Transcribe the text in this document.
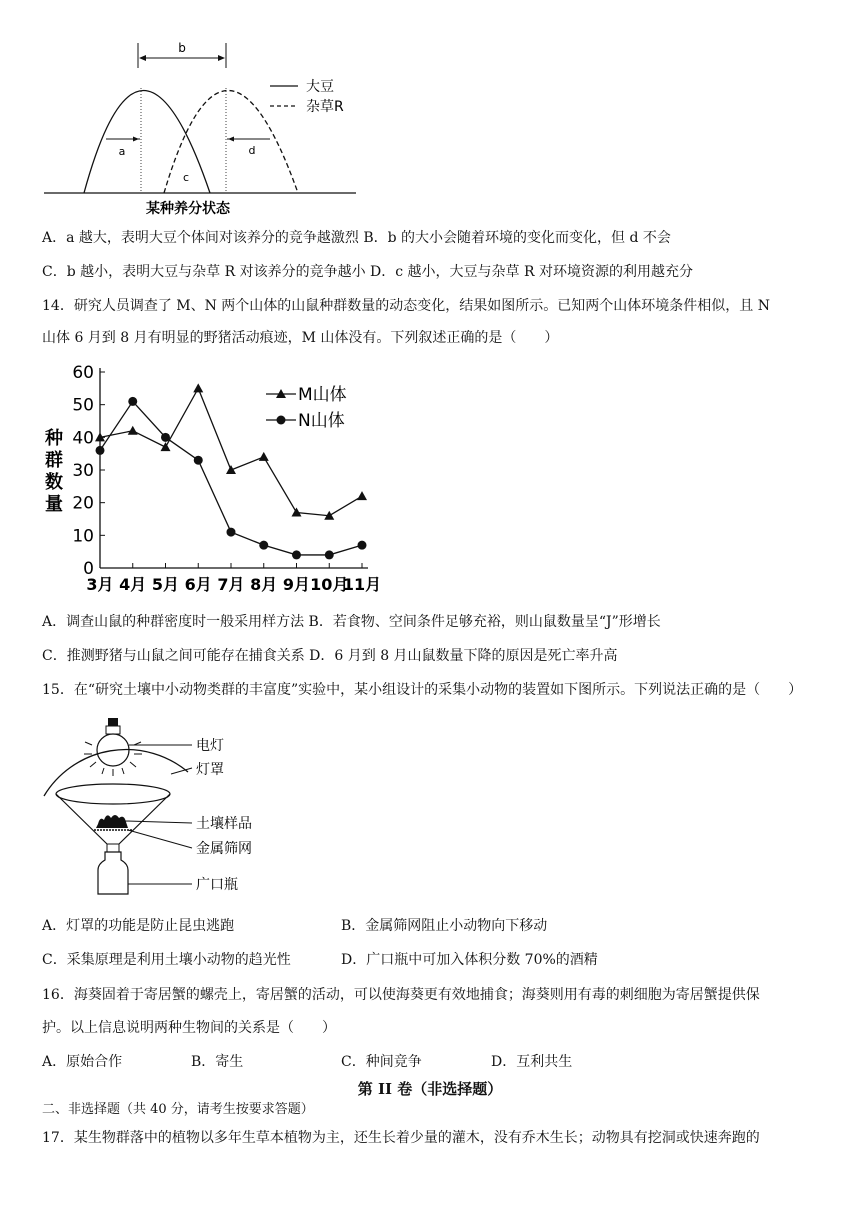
b
a
c
d
大豆
杂草R
某种养分状态
A．a 越大，表明大豆个体间对该养分的竞争越激烈 B．b 的大小会随着环境的变化而变化，但 d 不会
C．b 越小，表明大豆与杂草 R 对该养分的竞争越小 D．c 越小，大豆与杂草 R 对环境资源的利用越充分
14．研究人员调查了 M、N 两个山体的山鼠种群数量的动态变化，结果如图所示。已知两个山体环境条件相似，且 N
山体 6 月到 8 月有明显的野猪活动痕迹，M 山体没有。下列叙述正确的是（　　）
0
10
20
30
40
50
60
3月 4月 5月 6月 7月 8月 9月 10月
11月
种
群
数
量
M山体
N山体
A．调查山鼠的种群密度时一般采用样方法 B．若食物、空间条件足够充裕，则山鼠数量呈“J”形增长
C．推测野猪与山鼠之间可能存在捕食关系 D．6 月到 8 月山鼠数量下降的原因是死亡率升高
15．在“研究土壤中小动物类群的丰富度”实验中，某小组设计的采集小动物的装置如下图所示。下列说法正确的是（　　）
电灯
灯罩
土壤样品
金属筛网
广口瓶
A．灯罩的功能是防止昆虫逃跑	B．金属筛网阻止小动物向下移动
C．采集原理是利用土壤小动物的趋光性	D．广口瓶中可加入体积分数 70%的酒精
16．海葵固着于寄居蟹的螺壳上，寄居蟹的活动，可以使海葵更有效地捕食；海葵则用有毒的刺细胞为寄居蟹提供保
护。以上信息说明两种生物间的关系是（　　）
A．原始合作	B．寄生	C．种间竞争	D．互利共生
第 II 卷（非选择题）
二、非选择题（共 40 分，请考生按要求答题）
17．某生物群落中的植物以多年生草本植物为主，还生长着少量的灌木，没有乔木生长；动物具有挖洞或快速奔跑的
